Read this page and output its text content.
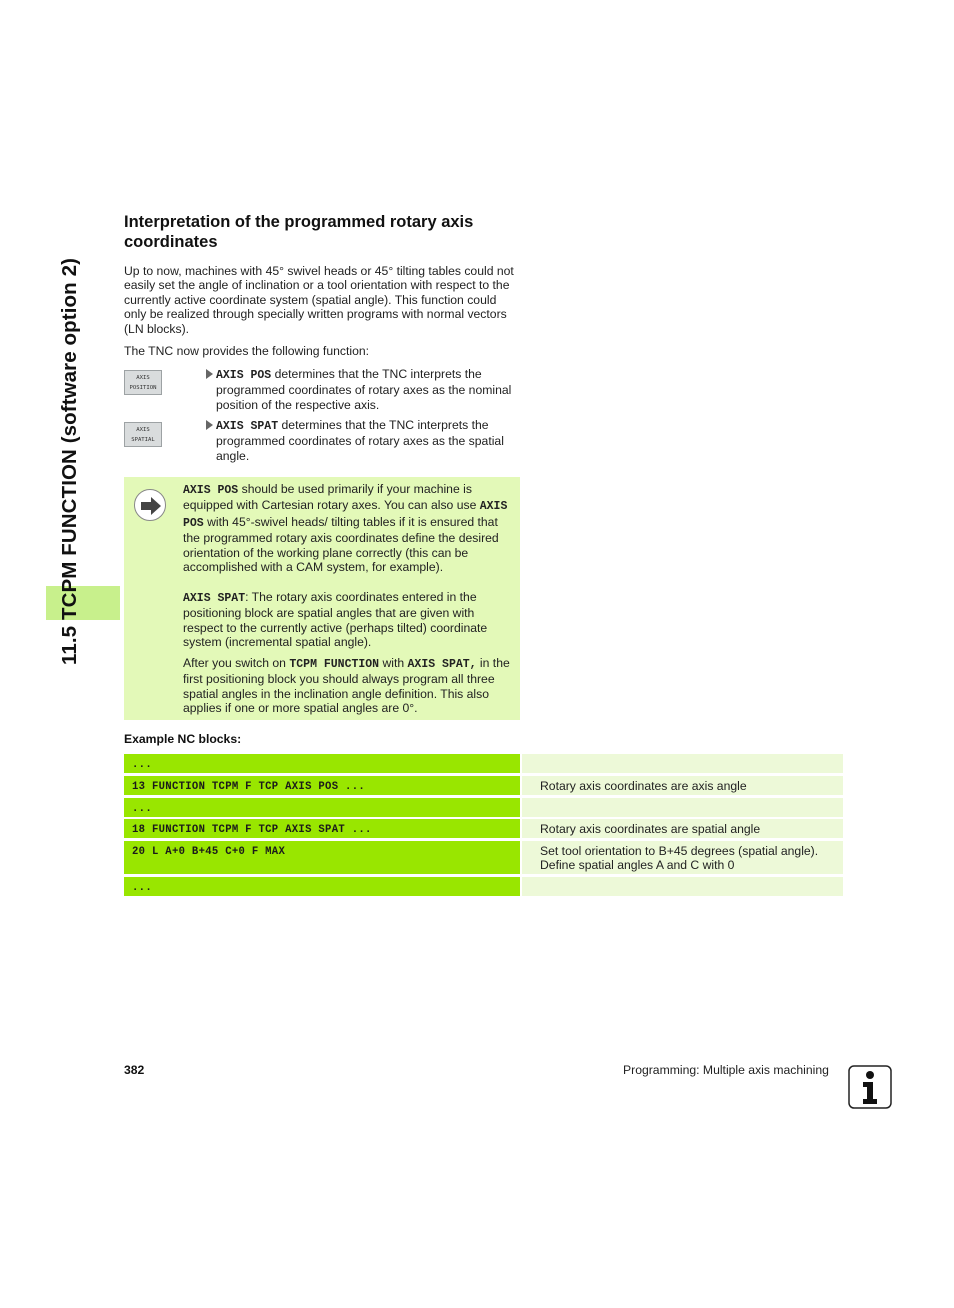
11.5 TCPM FUNCTION (software option 2)
Interpretation of the programmed rotary axis coordinates

Up to now, machines with 45° swivel heads or 45° tilting tables could not easily set the angle of inclination or a tool orientation with respect to the currently active coordinate system (spatial angle). This function could only be realized through specially written programs with normal vectors (LN blocks).

The TNC now provides the following function:

AXIS
POSITION
AXIS POS determines that the TNC interprets the programmed coordinates of rotary axes as the nominal position of the respective axis.
AXIS
SPATIAL
AXIS SPAT determines that the TNC interprets the programmed coordinates of rotary axes as the spatial angle.

AXIS POS should be used primarily if your machine is equipped with Cartesian rotary axes. You can also use AXIS POS with 45°-swivel heads/ tilting tables if it is ensured that the programmed rotary axis coordinates define the desired orientation of the working plane correctly (this can be accomplished with a CAM system, for example).

AXIS SPAT: The rotary axis coordinates entered in the positioning block are spatial angles that are given with respect to the currently active (perhaps tilted) coordinate system (incremental spatial angle).

After you switch on TCPM FUNCTION with AXIS SPAT, in the first positioning block you should always program all three spatial angles in the inclination angle definition. This also applies if one or more spatial angles are 0°.

Example NC blocks:
...
13 FUNCTION TCPM F TCP AXIS POS ...	Rotary axis coordinates are axis angle
...
18 FUNCTION TCPM F TCP AXIS SPAT ...	Rotary axis coordinates are spatial angle
20 L A+0 B+45 C+0 F MAX	Set tool orientation to B+45 degrees (spatial angle). Define spatial angles A and C with 0
...
382	Programming: Multiple axis machining
